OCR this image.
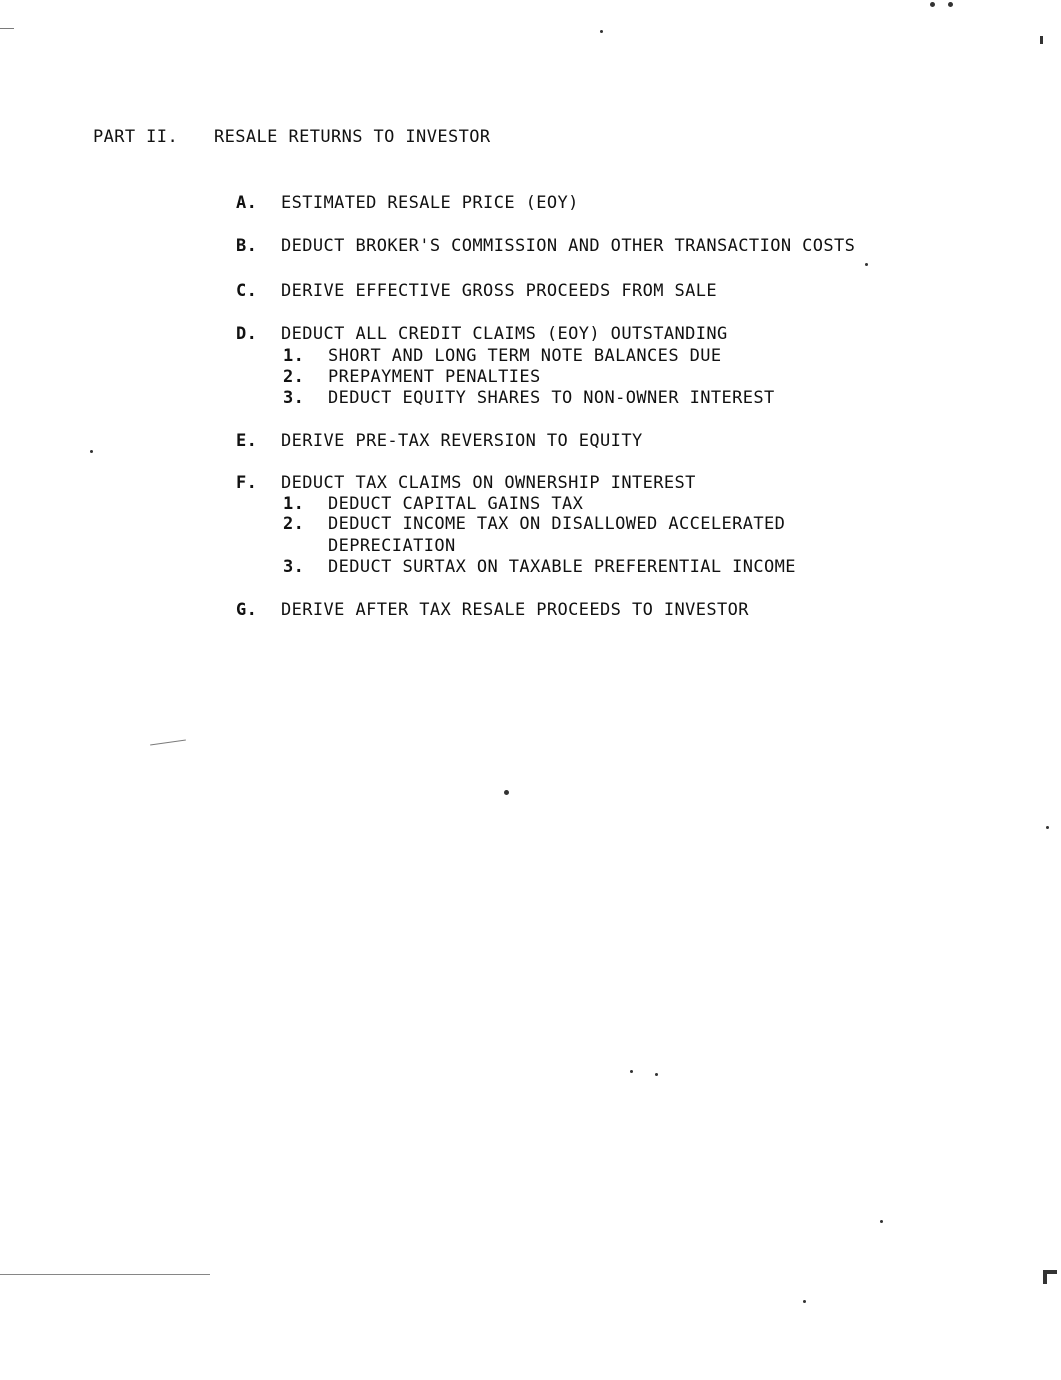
PART II. RESALE RETURNS TO INVESTOR
A. ESTIMATED RESALE PRICE (EOY)
B. DEDUCT BROKER'S COMMISSION AND OTHER TRANSACTION COSTS
C. DERIVE EFFECTIVE GROSS PROCEEDS FROM SALE
D. DEDUCT ALL CREDIT CLAIMS (EOY) OUTSTANDING
1. SHORT AND LONG TERM NOTE BALANCES DUE
2. PREPAYMENT PENALTIES
3. DEDUCT EQUITY SHARES TO NON-OWNER INTEREST
E. DERIVE PRE-TAX REVERSION TO EQUITY
F. DEDUCT TAX CLAIMS ON OWNERSHIP INTEREST
1. DEDUCT CAPITAL GAINS TAX
2. DEDUCT INCOME TAX ON DISALLOWED ACCELERATED
DEPRECIATION
3. DEDUCT SURTAX ON TAXABLE PREFERENTIAL INCOME
G. DERIVE AFTER TAX RESALE PROCEEDS TO INVESTOR
